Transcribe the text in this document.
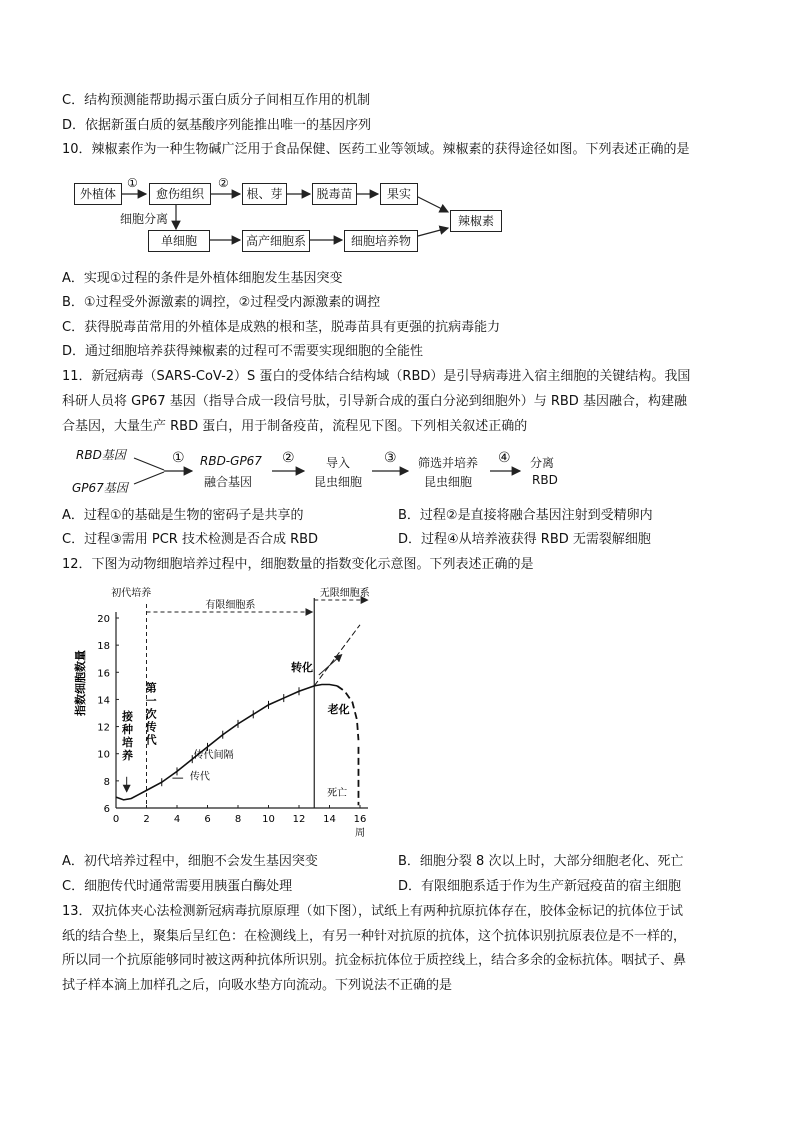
C．结构预测能帮助揭示蛋白质分子间相互作用的机制
D．依据新蛋白质的氨基酸序列能推出唯一的基因序列
10．辣椒素作为一种生物碱广泛用于食品保健、医药工业等领域。辣椒素的获得途径如图。下列表述正确的是
外植体
①
愈伤组织
②
根、芽	脱毒苗	果实
辣椒素
细胞分离
单细胞	高产细胞系	细胞培养物
A．实现①过程的条件是外植体细胞发生基因突变
B．①过程受外源激素的调控，②过程受内源激素的调控
C．获得脱毒苗常用的外植体是成熟的根和茎，脱毒苗具有更强的抗病毒能力
D．通过细胞培养获得辣椒素的过程可不需要实现细胞的全能性
11．新冠病毒（SARS-CoV-2）S 蛋白的受体结合结构域（RBD）是引导病毒进入宿主细胞的关键结构。我国
科研人员将 GP67 基因（指导合成一段信号肽，引导新合成的蛋白分泌到细胞外）与 RBD 基因融合，构建融
合基因，大量生产 RBD 蛋白，用于制备疫苗，流程见下图。下列相关叙述正确的
RBD基因
GP67基因
① RBD-GP67
融合基因
②	导入
昆虫细胞
③ 筛选并培养
昆虫细胞
④ 分离
RBD
A．过程①的基础是生物的密码子是共享的	B．过程②是直接将融合基因注射到受精卵内
C．过程③需用 PCR 技术检测是否合成 RBD	D．过程④从培养液获得 RBD 无需裂解细胞
12．下图为动物细胞培养过程中，细胞数量的指数变化示意图。下列表述正确的是
0 2 4 6 8 10 12 14 16
周
6
8
10
12
14
16
18
20
指数细胞数量
初代培养
有限细胞系
无限细胞系
接
种
培
养
第
一
次
传
代
传代间隔
传代
转化
老化
死亡
A．初代培养过程中，细胞不会发生基因突变	B．细胞分裂 8 次以上时，大部分细胞老化、死亡
C．细胞传代时通常需要用胰蛋白酶处理	D．有限细胞系适于作为生产新冠疫苗的宿主细胞
13．双抗体夹心法检测新冠病毒抗原原理（如下图），试纸上有两种抗原抗体存在，胶体金标记的抗体位于试
纸的结合垫上，聚集后呈红色：在检测线上，有另一种针对抗原的抗体，这个抗体识别抗原表位是不一样的，
所以同一个抗原能够同时被这两种抗体所识别。抗金标抗体位于质控线上，结合多余的金标抗体。咽拭子、鼻
拭子样本滴上加样孔之后，向吸水垫方向流动。下列说法不正确的是
